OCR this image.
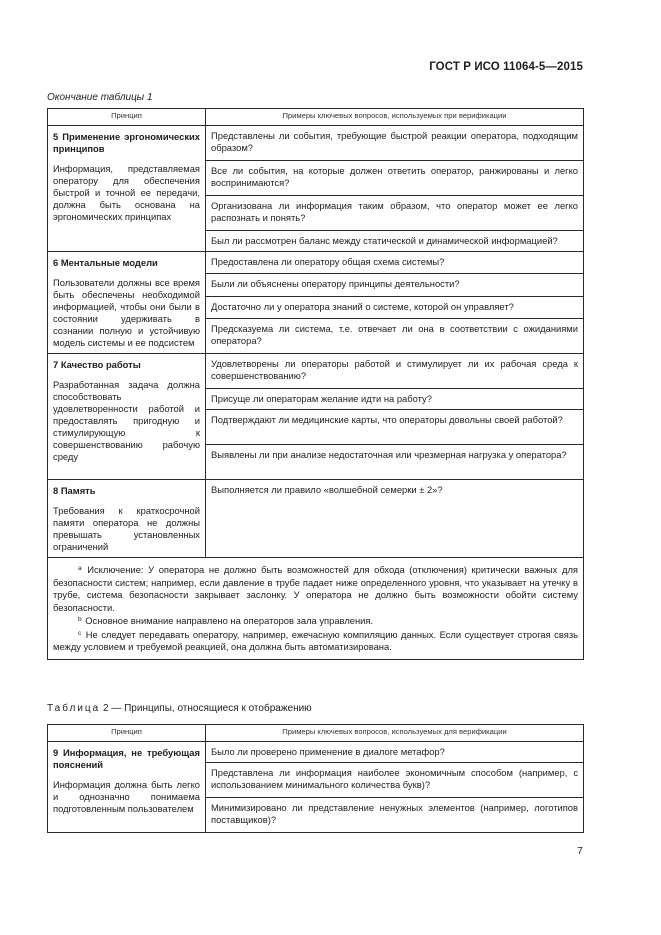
ГОСТ Р ИСО 11064-5—2015
Окончание таблицы 1
Принцип	Примеры ключевых вопросов, используемых при верификации

5 Применение эргономических принципов

Информация, представляемая оператору для обеспечения быстрой и точной ее передачи, должна быть основана на эргономических принципах	Представлены ли события, требующие быстрой реакции оператора, подходящим образом?
	Все ли события, на которые должен ответить оператор, ранжированы и легко воспринимаются?
	Организована ли информация таким образом, что оператор может ее легко распознать и понять?
	Был ли рассмотрен баланс между статической и динамической информацией?

6 Ментальные модели

Пользователи должны все время быть обеспечены необходимой информацией, чтобы они были в состоянии удерживать в сознании полную и устойчивую модель системы и ее подсистем	Предоставлена ли оператору общая схема системы?
	Были ли объяснены оператору принципы деятельности?
	Достаточно ли у оператора знаний о системе, которой он управляет?
	Предсказуема ли система, т.е. отвечает ли она в соответствии с ожиданиями оператора?

7 Качество работы

Разработанная задача должна способствовать удовлетворенности работой и предоставлять пригодную и стимулирующую к совершенствованию рабочую среду	Удовлетворены ли операторы работой и стимулирует ли их рабочая среда к совершенствованию?
	Присуще ли операторам желание идти на работу?
	Подтверждают ли медицинские карты, что операторы довольны своей работой?
	Выявлены ли при анализе недостаточная или чрезмерная нагрузка у оператора?

8 Память

Требования к краткосрочной памяти оператора не должны превышать установленных ограничений	Выполняется ли правило «волшебной семерки ± 2»?

$^a$ Исключение: У оператора не должно быть возможностей для обхода (отключения) критически важных для безопасности систем; например, если давление в трубе падает ниже определенного уровня, что указывает на утечку в трубе, система безопасности закрывает заслонку. У оператора не должно быть возможности обойти систему безопасности.

$^b$ Основное внимание направлено на операторов зала управления.

$^c$ Не следует передавать оператору, например, ежечасную компиляцию данных. Если существует строгая связь между условием и требуемой реакцией, она должна быть автоматизирована.	

Таблица 2 — Принципы, относящиеся к отображению
Принцип	Примеры ключевых вопросов, используемых для верификации

9 Информация, не требующая пояснений

Информация должна быть легко и однозначно понимаема подготовленным пользователем	Было ли проверено применение в диалоге метафор?
	Представлена ли информация наиболее экономичным способом (например, с использованием минимального количества букв)?
	Минимизировано ли представление ненужных элементов (например, логотипов поставщиков)?
7
